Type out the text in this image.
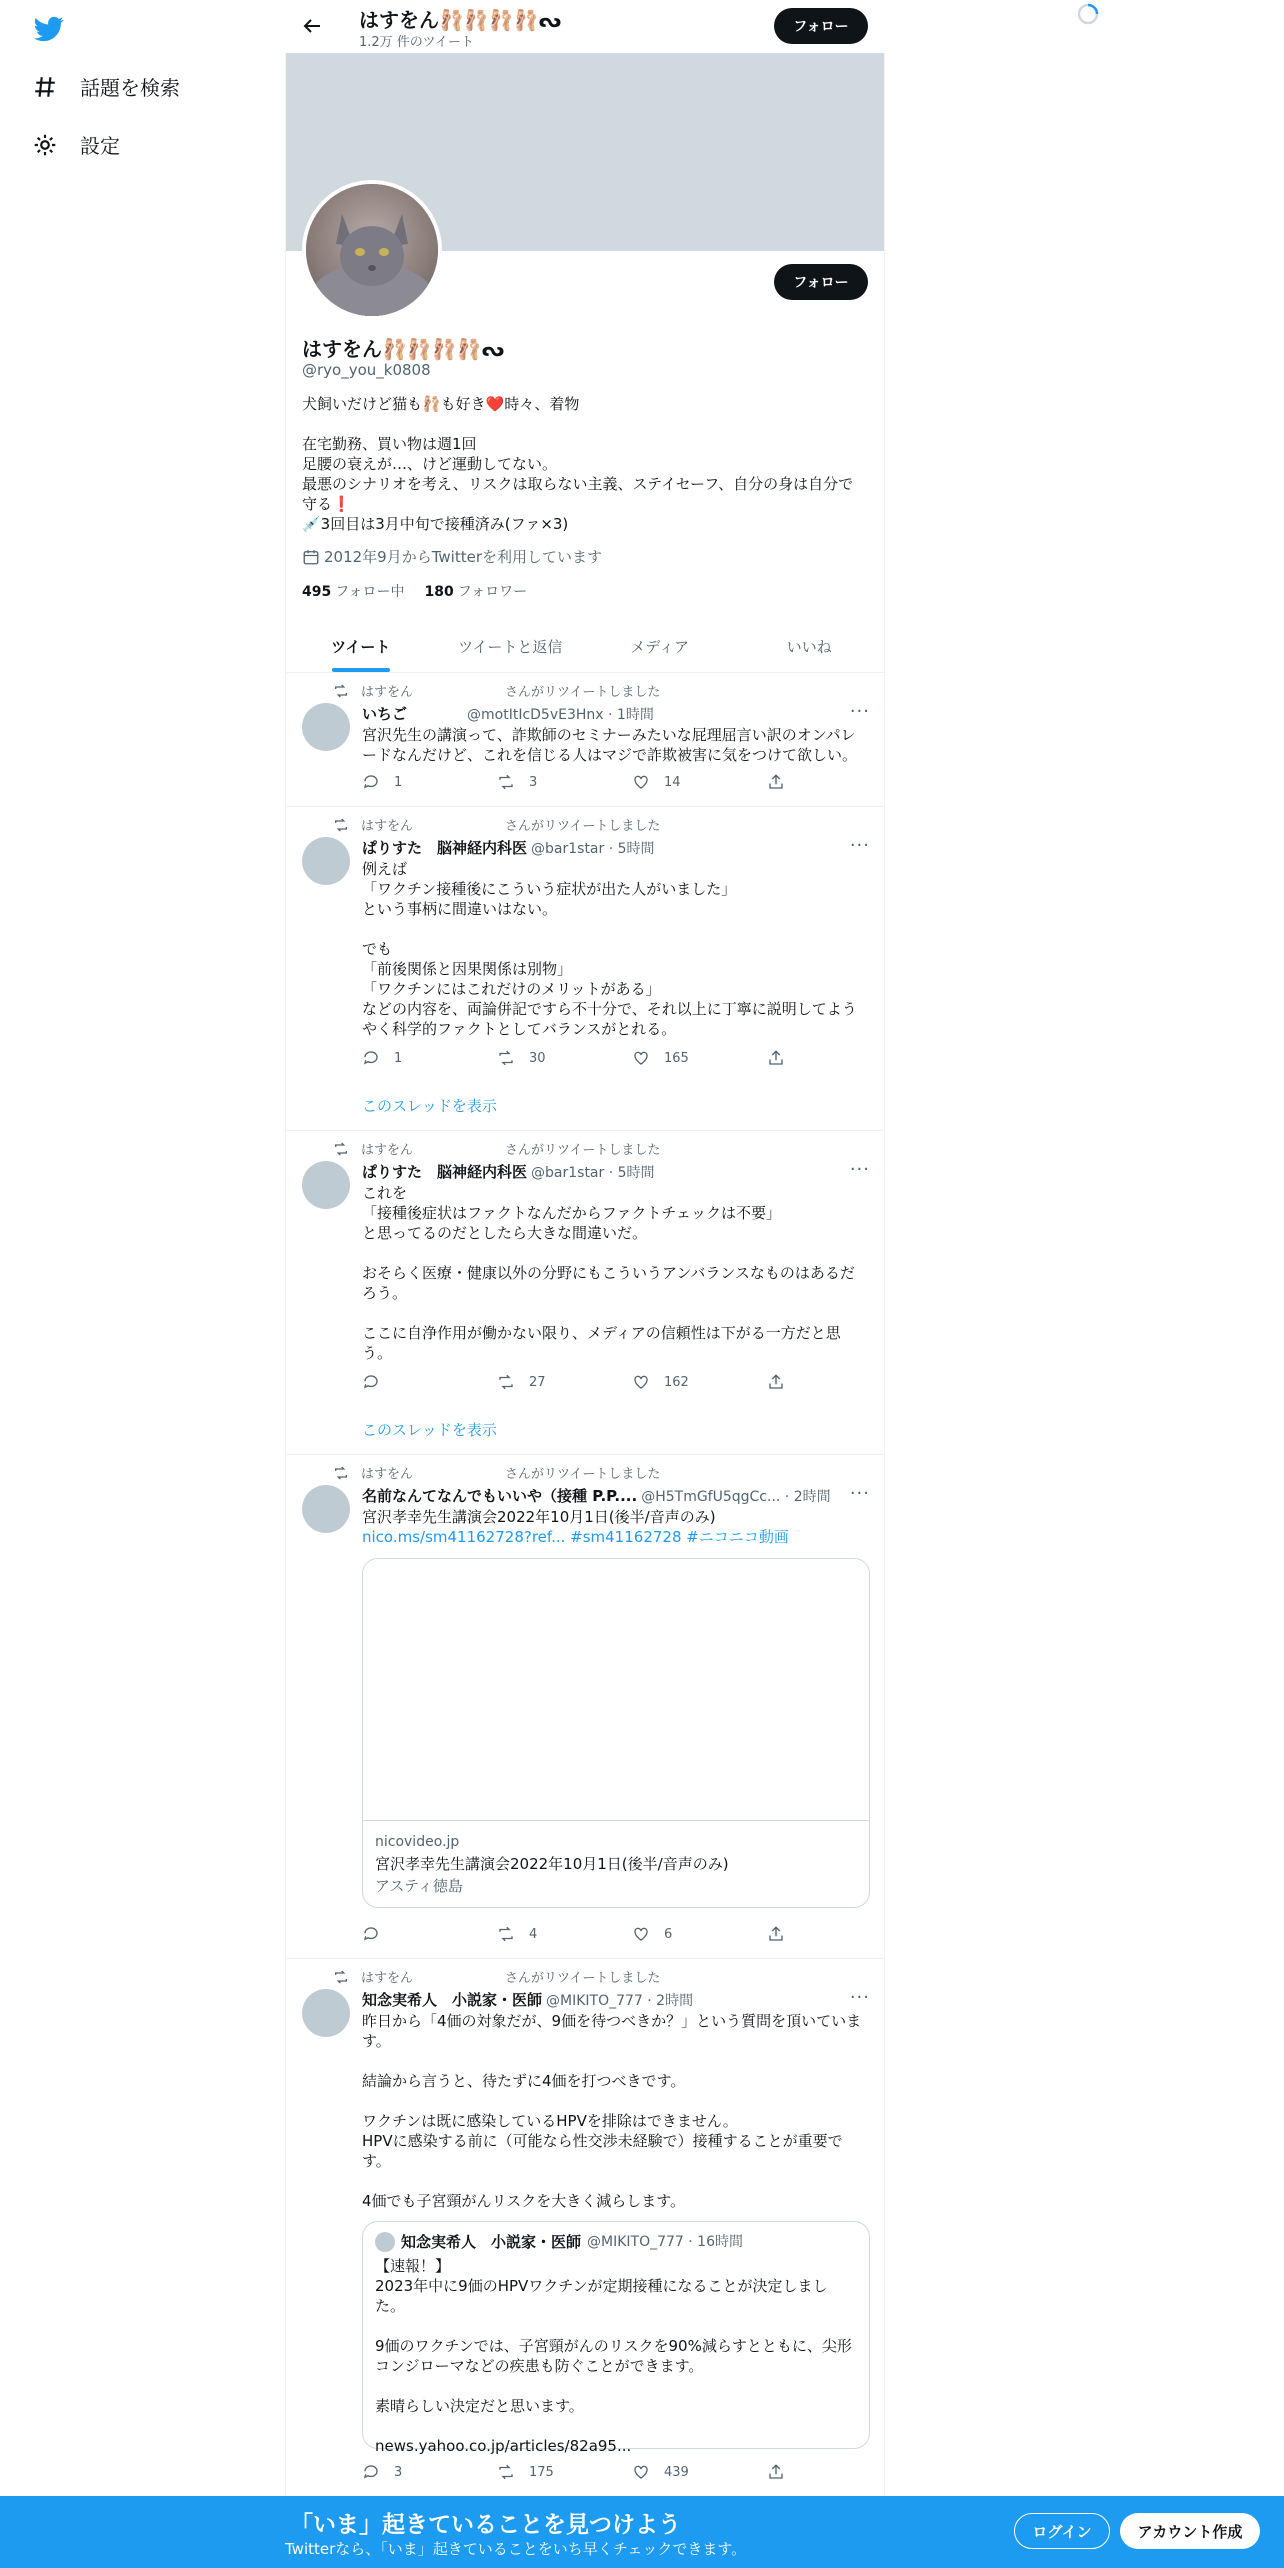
話題を検索
設定
はすをん🩰🩰🩰🩰ᔓ
1.2万 件のツイート
フォロー
フォロー
はすをん🩰🩰🩰🩰ᔓ
@ryo_you_k0808
犬飼いだけど猫も🩰も好き❤️時々、着物

在宅勤務、買い物は週1回
足腰の衰えが…、けど運動してない。
最悪のシナリオを考え、リスクは取らない主義、ステイセーフ、自分の身は自分で守る❗
💉3回目は3月中旬で接種済み(ファ×3)
2012年9月からTwitterを利用しています
495 フォロー中 180 フォロワー
ツイート	ツイートと返信	メディア	いいね
はすをん	さんがリツイートしました
いちご	@motItIcD5vE3Hnx · 1時間	···
宮沢先生の講演って、詐欺師のセミナーみたいな屁理屈言い訳のオンパレードなんだけど、これを信じる人はマジで詐欺被害に気をつけて欲しい。
1	3	14
はすをん	さんがリツイートしました
ぱりすた　脳神経内科医 @bar1star · 5時間	···
例えば
「ワクチン接種後にこういう症状が出た人がいました」
という事柄に間違いはない。

でも
「前後関係と因果関係は別物」
「ワクチンにはこれだけのメリットがある」
などの内容を、両論併記ですら不十分で、それ以上に丁寧に説明してようやく科学的ファクトとしてバランスがとれる。
1	30	165
このスレッドを表示
はすをん	さんがリツイートしました
ぱりすた　脳神経内科医 @bar1star · 5時間	···
これを
「接種後症状はファクトなんだからファクトチェックは不要」
と思ってるのだとしたら大きな間違いだ。

おそらく医療・健康以外の分野にもこういうアンバランスなものはあるだろう。

ここに自浄作用が働かない限り、メディアの信頼性は下がる一方だと思う。
27	162
このスレッドを表示
はすをん	さんがリツイートしました
名前なんてなんでもいいや（接種 P.P.... @H5TmGfU5qgCc... · 2時間 ···
宮沢孝幸先生講演会2022年10月1日(後半/音声のみ) nico.ms/sm41162728?ref... #sm41162728 #ニコニコ動画
nicovideo.jp
宮沢孝幸先生講演会2022年10月1日(後半/音声のみ)
アスティ徳島
4	6
はすをん	さんがリツイートしました
知念実希人　小説家・医師 @MIKITO_777 · 2時間	···
昨日から「4価の対象だが、9価を待つべきか？」という質問を頂いています。

結論から言うと、待たずに4価を打つべきです。

ワクチンは既に感染しているHPVを排除はできません。
HPVに感染する前に（可能なら性交渉未経験で）接種することが重要です。

4価でも子宮頸がんリスクを大きく減らします。
知念実希人　小説家・医師 @MIKITO_777 · 16時間
【速報！】
2023年中に9価のHPVワクチンが定期接種になることが決定しました。

9価のワクチンでは、子宮頸がんのリスクを90%減らすとともに、尖形コンジローマなどの疾患も防ぐことができます。

素晴らしい決定だと思います。

news.yahoo.co.jp/articles/82a95...
3	175	439
「いま」起きていることを見つけよう
Twitterなら、「いま」起きていることをいち早くチェックできます。
ログイン	アカウント作成
